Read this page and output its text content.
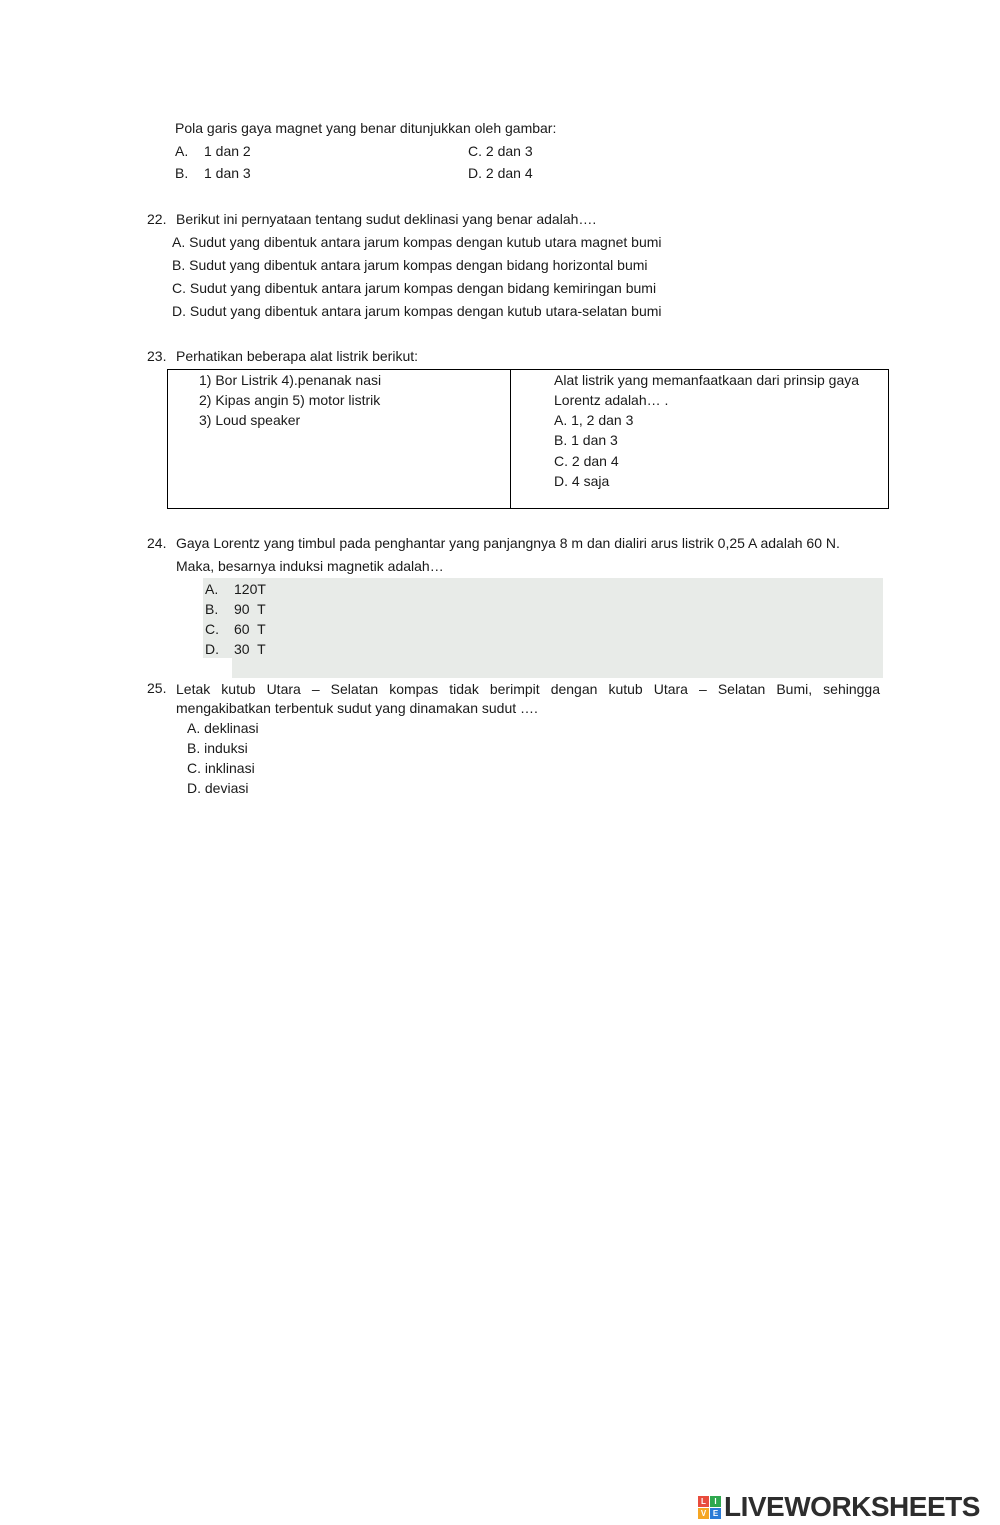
Pola garis gaya magnet yang benar ditunjukkan oleh gambar:
A. 1 dan 2	C. 2 dan 3
B. 1 dan 3	D. 2 dan 4
22. Berikut ini pernyataan tentang sudut deklinasi yang benar adalah….
A. Sudut yang dibentuk antara jarum kompas dengan kutub utara magnet bumi
B. Sudut yang dibentuk antara jarum kompas dengan bidang horizontal bumi
C. Sudut yang dibentuk antara jarum kompas dengan bidang kemiringan bumi
D. Sudut yang dibentuk antara jarum kompas dengan kutub utara-selatan bumi
23. Perhatikan beberapa alat listrik berikut:
1) Bor Listrik 4).penanak nasi
2) Kipas angin 5) motor listrik
3) Loud speaker
Alat listrik yang memanfaatkaan dari prinsip gaya
Lorentz adalah… .
A. 1, 2 dan 3
B. 1 dan 3
C. 2 dan 4
D. 4 saja
24. Gaya Lorentz yang timbul pada penghantar yang panjangnya 8 m dan dialiri arus listrik 0,25 A adalah 60 N.
Maka, besarnya induksi magnetik adalah…
A. 120T
B. 90  T
C. 60  T
D. 30  T
25. Letak kutub Utara – Selatan kompas tidak berimpit dengan kutub Utara – Selatan Bumi, sehingga
mengakibatkan terbentuk sudut yang dinamakan sudut ….
A. deklinasi
B. induksi
C. inklinasi
D. deviasi
L	I
V E LIVEWORKSHEETS
